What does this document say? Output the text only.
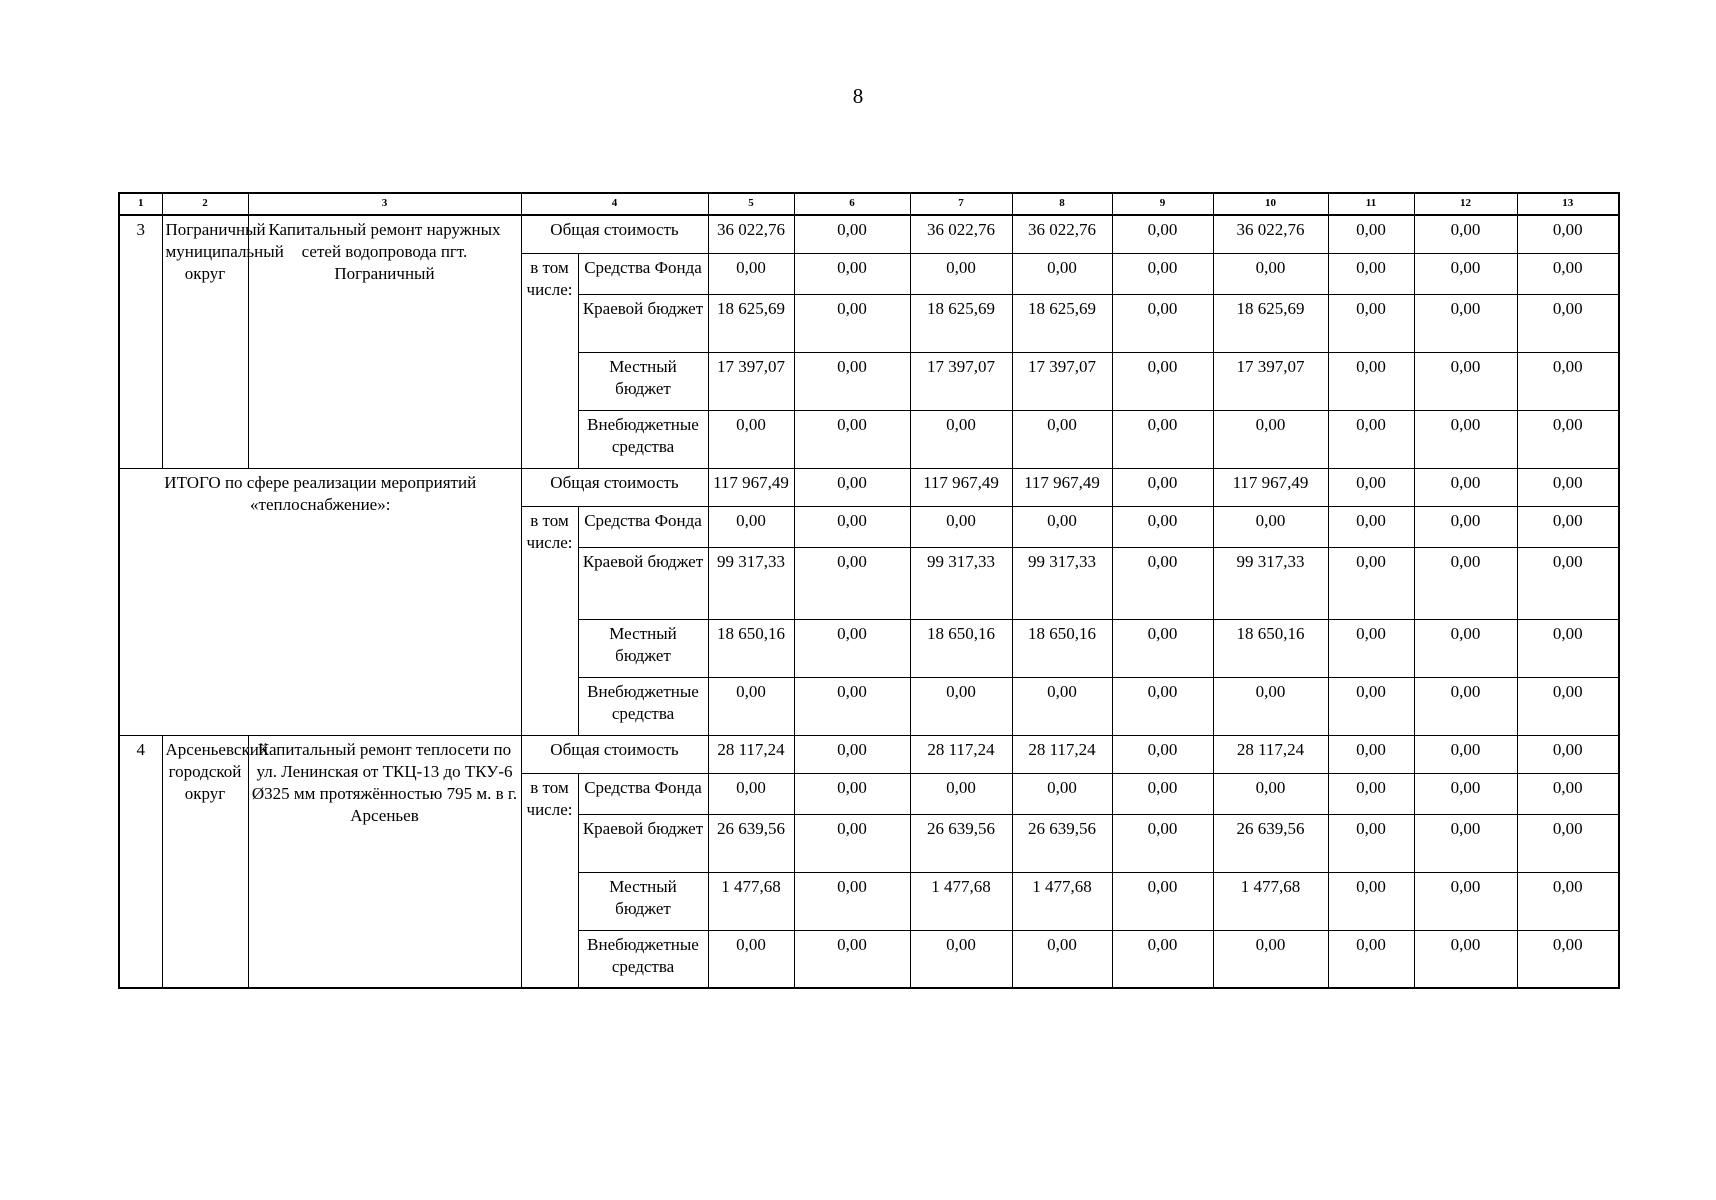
8
1	2	3	4		5	6	7	8	9	10	11	12	13
3	Пограничный муниципальный округ	Капитальный ремонт наружных сетей водопровода пгт. Пограничный	Общая стоимость		36 022,76	0,00	36 022,76	36 022,76	0,00	36 022,76	0,00	0,00	0,00
			в том числе:	Средства Фонда	0,00	0,00	0,00	0,00	0,00	0,00	0,00	0,00	0,00
				Краевой бюджет	18 625,69	0,00	18 625,69	18 625,69	0,00	18 625,69	0,00	0,00	0,00
				Местный бюджет	17 397,07	0,00	17 397,07	17 397,07	0,00	17 397,07	0,00	0,00	0,00
				Внебюджетные средства	0,00	0,00	0,00	0,00	0,00	0,00	0,00	0,00	0,00
ИТОГО по сфере реализации мероприятий «теплоснабжение»:			Общая стоимость		117 967,49	0,00	117 967,49	117 967,49	0,00	117 967,49	0,00	0,00	0,00
			в том числе:	Средства Фонда	0,00	0,00	0,00	0,00	0,00	0,00	0,00	0,00	0,00
				Краевой бюджет	99 317,33	0,00	99 317,33	99 317,33	0,00	99 317,33	0,00	0,00	0,00
				Местный бюджет	18 650,16	0,00	18 650,16	18 650,16	0,00	18 650,16	0,00	0,00	0,00
				Внебюджетные средства	0,00	0,00	0,00	0,00	0,00	0,00	0,00	0,00	0,00
4	Арсеньевский городской округ	Капитальный ремонт теплосети по ул. Ленинская от ТКЦ-13 до ТКУ-6 Ø325 мм протяжённостью 795 м. в г. Арсеньев	Общая стоимость		28 117,24	0,00	28 117,24	28 117,24	0,00	28 117,24	0,00	0,00	0,00
			в том числе:	Средства Фонда	0,00	0,00	0,00	0,00	0,00	0,00	0,00	0,00	0,00
				Краевой бюджет	26 639,56	0,00	26 639,56	26 639,56	0,00	26 639,56	0,00	0,00	0,00
				Местный бюджет	1 477,68	0,00	1 477,68	1 477,68	0,00	1 477,68	0,00	0,00	0,00
				Внебюджетные средства	0,00	0,00	0,00	0,00	0,00	0,00	0,00	0,00	0,00
